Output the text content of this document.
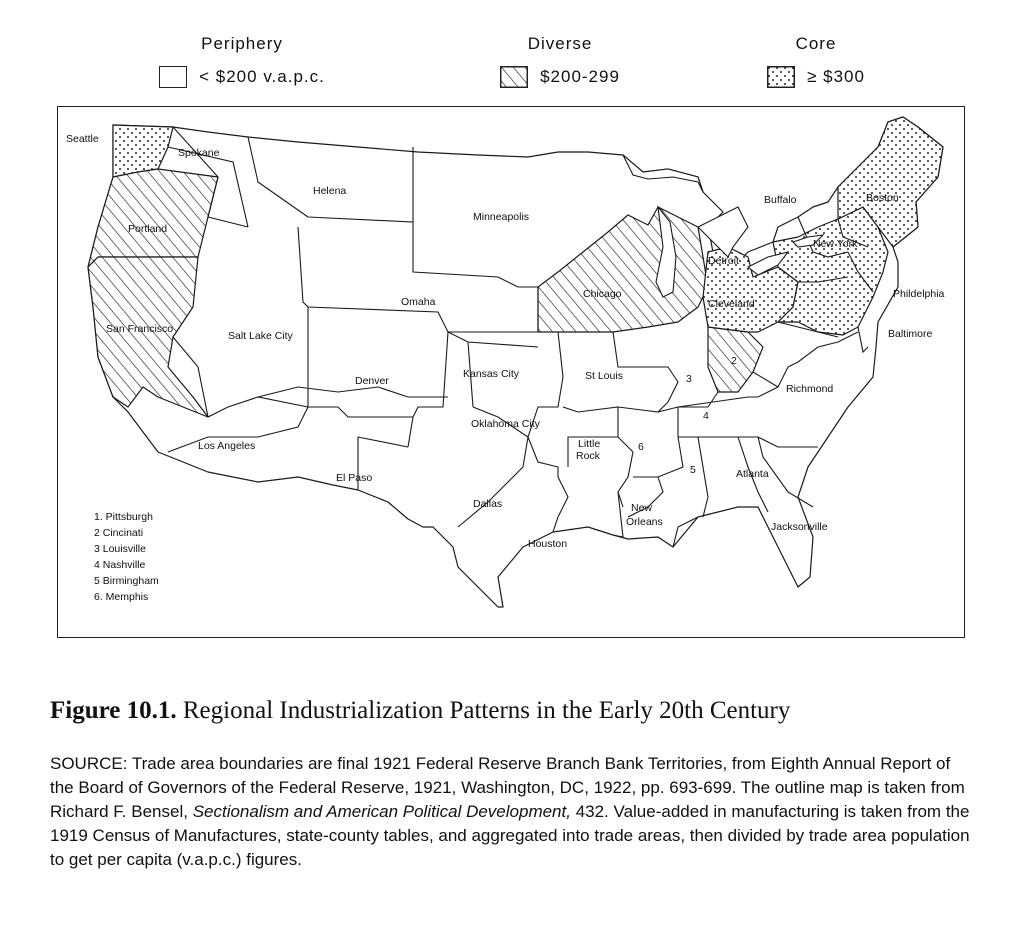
Periphery
< $200 v.a.p.c.
Diverse
$200-299
Core
≥ $300
Seattle
Spokane
Helena
Minneapolis
Portland
San Francisco
Salt Lake City
Omaha
Chicago
Detroit
Buffalo	Boston
New York
Phildelphia
Cleveland
Baltimore
Denver
Kansas City	St Louis
Richmond
Oklahoma City
Los Angeles	Little
Rock
El Paso	Atlanta
Dallas	New
Orleans	Jacksonville
Houston
2
3
4
5
6
1. Pittsburgh
2 Cincinati
3 Louisville
4 Nashville
5 Birmingham
6. Memphis
Figure 10.1. Regional Industrialization Patterns in the Early 20th Century
SOURCE: Trade area boundaries are final 1921 Federal Reserve Branch Bank Territories, from Eighth Annual Report of the Board of Governors of the Federal Reserve, 1921, Washington, DC, 1922, pp. 693-699. The outline map is taken from Richard F. Bensel, Sectionalism and American Political Development, 432. Value-added in manufacturing is taken from the 1919 Census of Manufactures, state-county tables, and aggregated into trade areas, then divided by trade area population to get per capita (v.a.p.c.) figures.
